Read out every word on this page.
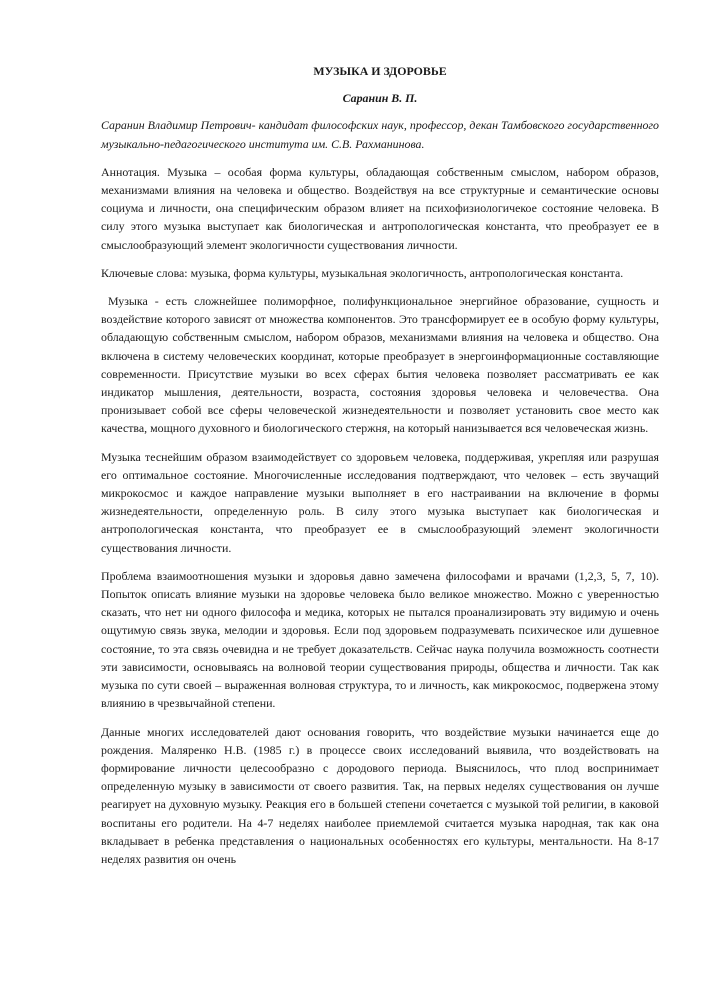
МУЗЫКА И ЗДОРОВЬЕ

Саранин В. П.

Саранин Владимир Петрович- кандидат философских наук, профессор, декан Тамбовского государственного музыкально-педагогического института им. С.В. Рахманинова.

Аннотация. Музыка – особая форма культуры, обладающая собственным смыслом, набором образов, механизмами влияния на человека и общество. Воздействуя на все структурные и семантические основы социума и личности, она специфическим образом влияет на психофизиологичекое состояние человека. В силу этого музыка выступает как биологическая и антропологическая константа, что преобразует ее в смыслообразующий элемент экологичности существования личности.

Ключевые слова: музыка, форма культуры, музыкальная экологичность, антропологическая константа.

Музыка - есть сложнейшее полиморфное, полифункциональное энергийное образование, сущность и воздействие которого зависят от множества компонентов. Это трансформирует ее в особую форму культуры, обладающую собственным смыслом, набором образов, механизмами влияния на человека и общество. Она включена в систему человеческих координат, которые преобразует в энергоинформационные составляющие современности. Присутствие музыки во всех сферах бытия человека позволяет рассматривать ее как индикатор мышления, деятельности, возраста, состояния здоровья человека и человечества. Она пронизывает собой все сферы человеческой жизнедеятельности и позволяет установить свое место как качества, мощного духовного и биологического стержня, на который нанизывается вся человеческая жизнь.

Музыка теснейшим образом взаимодействует со здоровьем человека, поддерживая, укрепляя или разрушая его оптимальное состояние. Многочисленные исследования подтверждают, что человек – есть звучащий микрокосмос и каждое направление музыки выполняет в его настраивании на включение в формы жизнедеятельности, определенную роль. В силу этого музыка выступает как биологическая и антропологическая константа, что преобразует ее в смыслообразующий элемент экологичности существования личности.

Проблема взаимоотношения музыки и здоровья давно замечена философами и врачами (1,2,3, 5, 7, 10). Попыток описать влияние музыки на здоровье человека было великое множество. Можно с уверенностью сказать, что нет ни одного философа и медика, которых не пытался проанализировать эту видимую и очень ощутимую связь звука, мелодии и здоровья. Если под здоровьем подразумевать психическое или душевное состояние, то эта связь очевидна и не требует доказательств. Сейчас наука получила возможность соотнести эти зависимости, основываясь на волновой теории существования природы, общества и личности. Так как музыка по сути своей – выраженная волновая структура, то и личность, как микрокосмос, подвержена этому влиянию в чрезвычайной степени.

Данные многих исследователей дают основания говорить, что воздействие музыки начинается еще до рождения. Маляренко Н.В. (1985 г.) в процессе своих исследований выявила, что воздействовать на формирование личности целесообразно с дородового периода. Выяснилось, что плод воспринимает определенную музыку в зависимости от своего развития. Так, на первых неделях существования он лучше реагирует на духовную музыку. Реакция его в большей степени сочетается с музыкой той религии, в каковой воспитаны его родители. На 4-7 неделях наиболее приемлемой считается музыка народная, так как она вкладывает в ребенка представления о национальных особенностях его культуры, ментальности. На 8-17 неделях развития он очень
